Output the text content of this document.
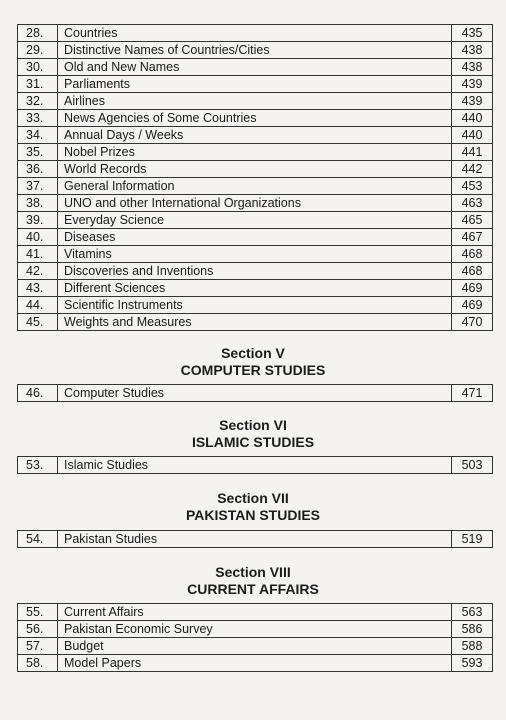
28.	Countries	435
29.	Distinctive Names of Countries/Cities	438
30.	Old and New Names	438
31.	Parliaments	439
32.	Airlines	439
33.	News Agencies of Some Countries	440
34.	Annual Days / Weeks	440
35.	Nobel Prizes	441
36.	World Records	442
37.	General Information	453
38.	UNO and other International Organizations	463
39.	Everyday Science	465
40.	Diseases	467
41.	Vitamins	468
42.	Discoveries and Inventions	468
43.	Different Sciences	469
44.	Scientific Instruments	469
45.	Weights and Measures	470
Section V
COMPUTER STUDIES
46.	Computer Studies	471
Section VI
ISLAMIC STUDIES
53.	Islamic Studies	503
Section VII
PAKISTAN STUDIES
54.	Pakistan Studies	519
Section VIII
CURRENT AFFAIRS
55.	Current Affairs	563
56.	Pakistan Economic Survey	586
57.	Budget	588
58.	Model Papers	593
